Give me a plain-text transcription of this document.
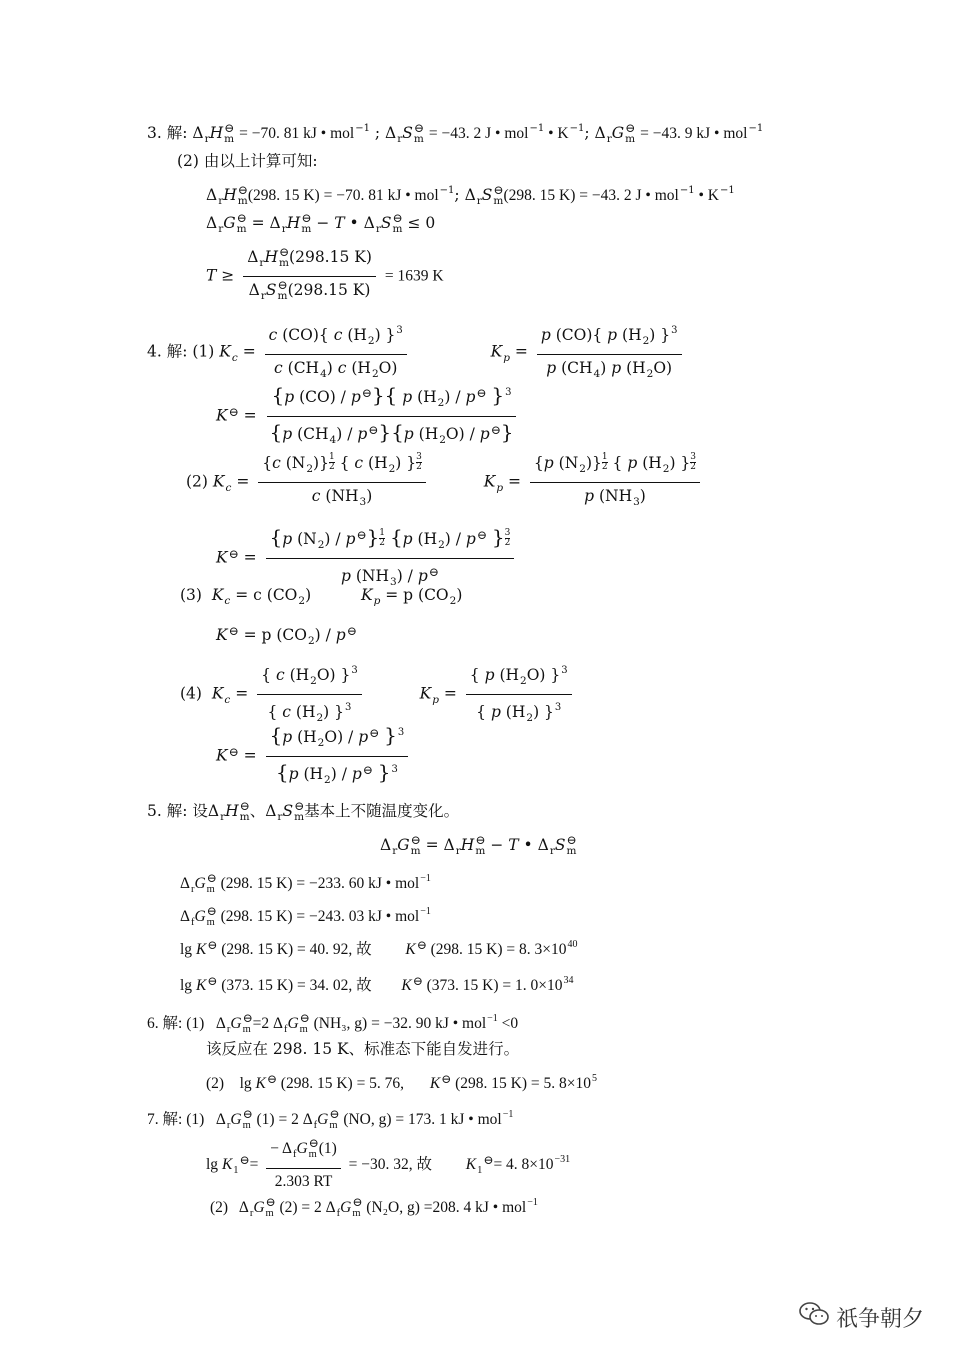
3. 解: $\Delta_rH$ ⊖
m = −70. 81 kJ • mol$^{-1}$ ; $\Delta_rS$ ⊖
m = −43. 2 J • mol$^{-1}$ • $K^{-1}$; $\Delta_rG$ ⊖
m = −43. 9 kJ • mol$^{-1}$
(2) 由以上计算可知:
$\Delta_rH$ ⊖
m (298. 15 K) = −70. 81 kJ • mol$^{-1}$; $\Delta_rS$ ⊖
m (298. 15 K) = −43. 2 J • mol$^{-1}$ • $K^{-1}$
$\Delta_rG$ ⊖
$m = \Delta_rH$ ⊖
m − T • $\Delta_rS$ ⊖
m ≤ 0
$T \ge \Delta_rH$ ⊖
m (298.15 K)
$\Delta_rS$ ⊖
m (298.15 K) = 1639 K
4. 解: (1) $K_c = \frac{c (CO)\{ c (H_2) \}^3}{c (CH_4) c (H_2O)}$	$K_p = \frac{p (CO)\{ p (H_2) \}^3}{p (CH_4) p (H_2O)}$
$K^⊖ = \frac{\{p (CO) / p^⊖\}\{ p (H_2) / p^⊖ \}^3}{\{p (CH_4) / p^⊖\}\{p (H_2O) / p^⊖\}}$
(2) $K_c = \frac{\{c (N_2)\} \frac{1}{2} \{ c (H_2) \} \frac{3}{2}}{c (NH_3)}$	$K_p = \frac{\{p (N_2)\} \frac{1}{2} \{ p (H_2) \} \frac{3}{2}}{p (NH_3)}$
$K^⊖ = \frac{\{p (N_2) / p^⊖\} \frac{1}{2} \{p (H_2) / p^⊖ \} \frac{3}{2}}{p (NH_3) / p^⊖}$
(3) $K_c = c$ $(CO_2)$	$K_p = p$ $(CO_2)$
K⊖ = p $(CO_2) / p^⊖$
(4) $K_c = \frac{\{ c (H_2O) \}^3}{\{ c (H_2) \}^3}$	$K_p = \frac{\{ p (H_2O) \}^3}{\{ p (H_2) \}^3}$
$K^⊖ = \frac{\{p (H_2O) / p^⊖ \}^3}{\{p (H_2) / p^⊖ \}^3}$
5. 解: 设$\Delta_rH$ ⊖
m 、$\Delta_rS$ ⊖
m 基本上不随温度变化。
$\Delta_rG$ ⊖
$m = \Delta_rH$ ⊖
m − T • $\Delta_rS$ ⊖
m
$\Delta_rG$ ⊖
m (298. 15 K) = −233. 60 kJ • mol$^{-1}$
$\Delta_fG$ ⊖
m (298. 15 K) = −243. 03 kJ • mol$^{-1}$
lg K⊖ (298. 15 K) = 40. 92, 故 K⊖ (298. 15 K) = 8. $3\times 10^{40}$
lg K⊖ (373. 15 K) = 34. 02, 故 K⊖ (373. 15 K) = 1. $0\times 10^{34}$
6. 解: (1)   $\Delta_rG$ ⊖
m =2 $\Delta_fG$ ⊖
m (NH₃, g) = −32. 90 kJ • mol$^{-1}$ <0
该反应在 298. 15 K、标准态下能自发进行。
(2)    lg K⊖ (298. 15 K) = 5. 76, K⊖ (298. 15 K) = 5. $8\times 10^5$
7. 解: (1)   $\Delta_rG$ ⊖
m (1) = 2 $\Delta_fG$ ⊖
m (NO, g) = 173. 1 kJ • mol$^{-1}$
$\lg K_1^⊖= - \Delta_fG$ ⊖
m (1)
2.303 RT = −30. 32, 故 $K_1^⊖= 4$. $8\times 10^{-31}$
(2)   $\Delta_rG$ ⊖
m (2) = 2 $\Delta_fG$ ⊖
m (N₂O, g) =208. 4 kJ • mol$^{-1}$
祇争朝夕
